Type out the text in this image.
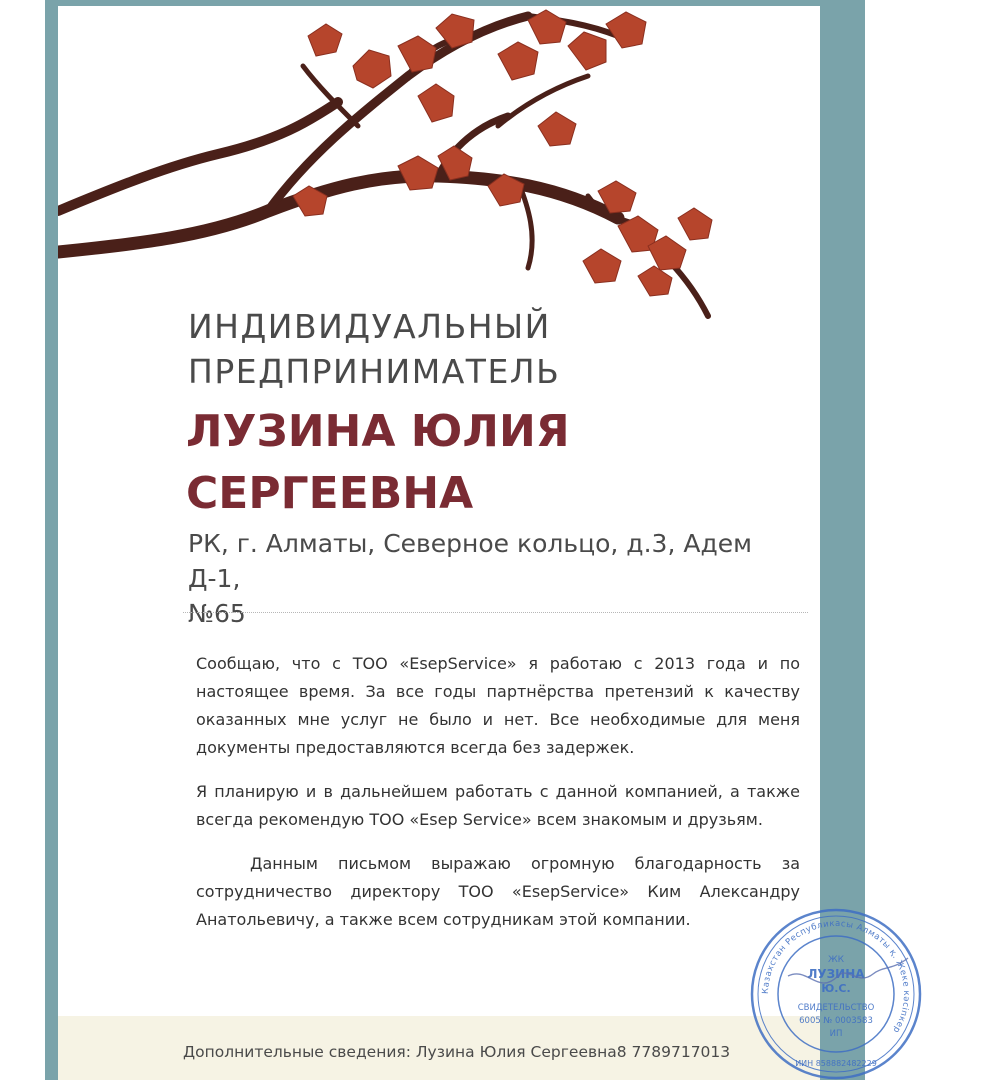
ИНДИВИДУАЛЬНЫЙ
ПРЕДПРИНИМАТЕЛЬ
ЛУЗИНА ЮЛИЯ
СЕРГЕЕВНА
РК, г. Алматы, Северное кольцо, д.3, Адем Д-1,
№65

Сообщаю, что с ТОО «EsepService» я работаю с 2013 года и по настоящее время. За все годы партнёрства претензий к качеству оказанных мне услуг не было и нет. Все необходимые для меня документы предоставляются всегда без задержек.

Я планирую и в дальнейшем работать с данной компанией, а также всегда рекомендую ТОО «Esep Service» всем знакомым и друзьям.

Данным письмом выражаю огромную благодарность за сотрудничество директору ТОО «EsepService» Ким Александру Анатольевичу, а также всем сотрудникам этой компании.

Дополнительные сведения: Лузина Юлия Сергеевна8 7789717013
Казахстан Республикасы Алматы қ. Жеке кәсіпкер
ЖК
ЛУЗИНА
Ю.С.
СВИДЕТЕЛЬСТВО
6005 № 0003583
ИП
ИИН 858882482229
